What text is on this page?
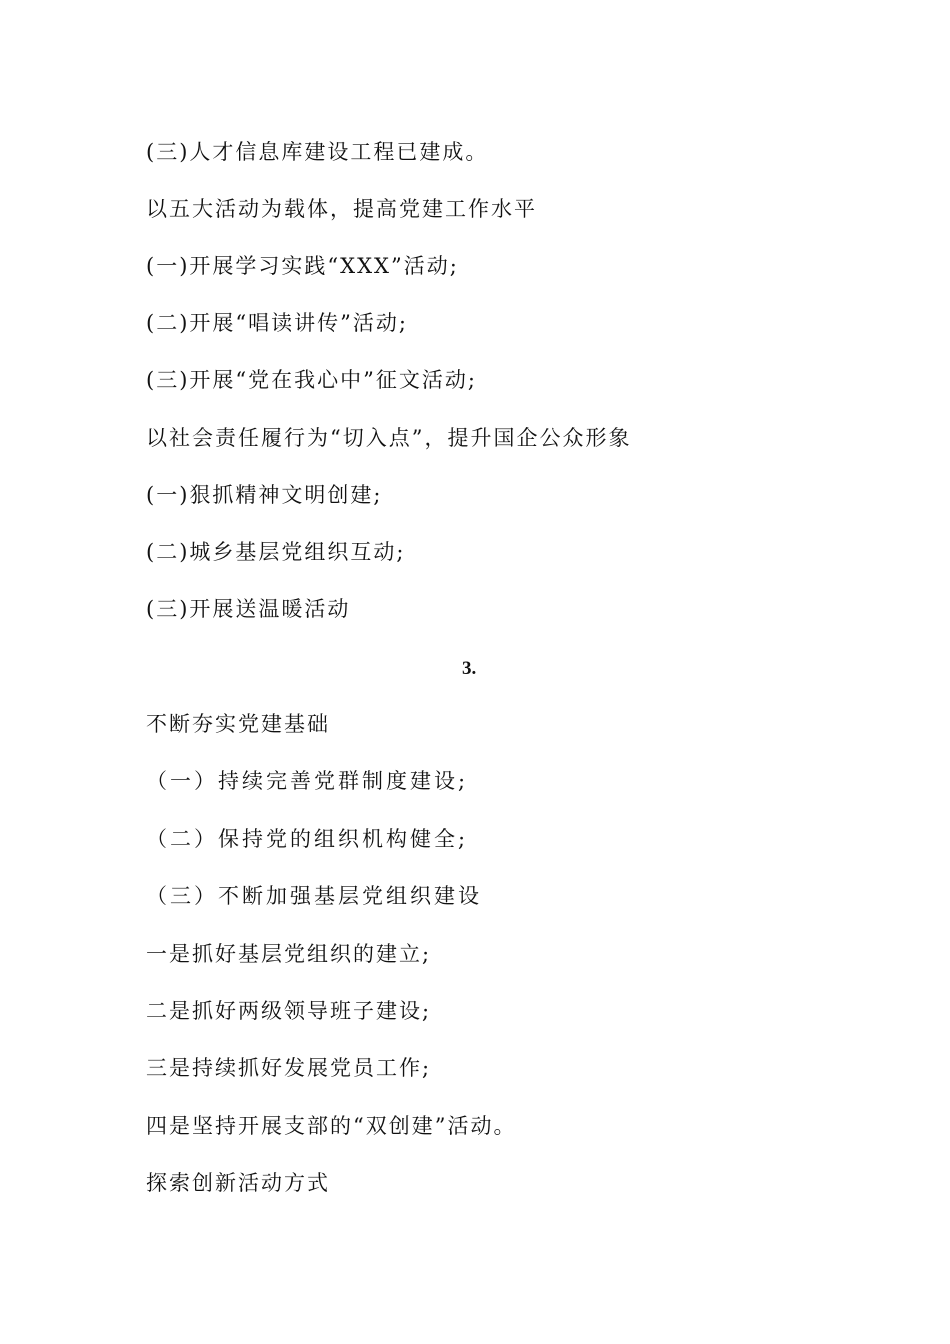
(三)人才信息库建设工程已建成。
以五大活动为载体，提高党建工作水平
(一)开展学习实践“XXX”活动;
(二)开展“唱读讲传”活动;
(三)开展“党在我心中”征文活动;
以社会责任履行为“切入点”，提升国企公众形象
(一)狠抓精神文明创建;
(二)城乡基层党组织互动;
(三)开展送温暖活动
3.
不断夯实党建基础
（一）持续完善党群制度建设;
（二）保持党的组织机构健全;
（三）不断加强基层党组织建设
一是抓好基层党组织的建立;
二是抓好两级领导班子建设;
三是持续抓好发展党员工作;
四是坚持开展支部的“双创建”活动。
探索创新活动方式
